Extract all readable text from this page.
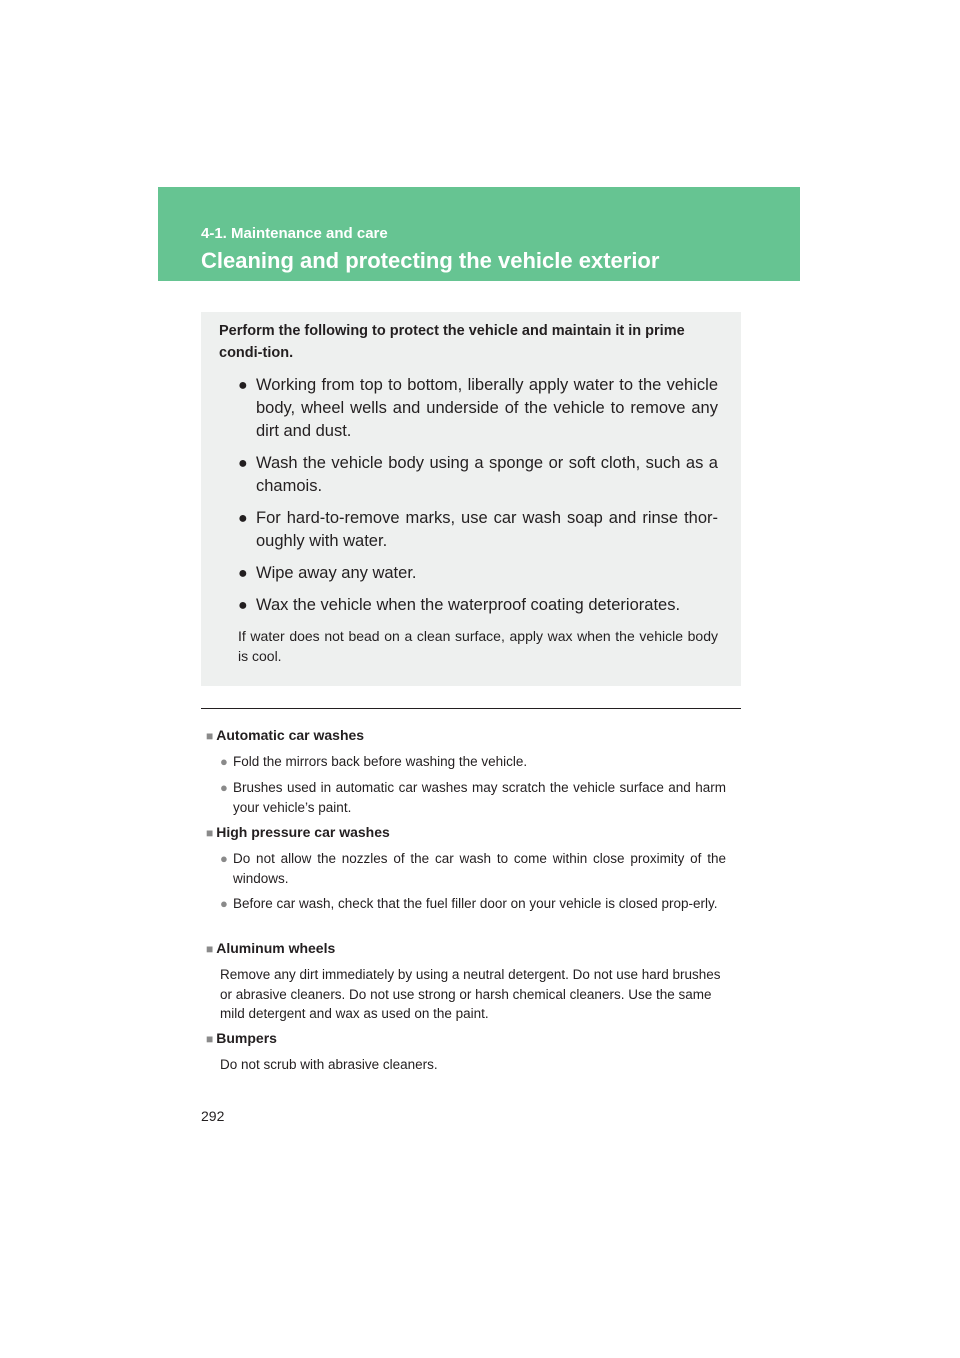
4-1. Maintenance and care
Cleaning and protecting the vehicle exterior
Perform the following to protect the vehicle and maintain it in prime condi-tion.
● Working from top to bottom, liberally apply water to the vehicle body, wheel wells and underside of the vehicle to remove any dirt and dust.
● Wash the vehicle body using a sponge or soft cloth, such as a chamois.
● For hard-to-remove marks, use car wash soap and rinse thor-oughly with water.
● Wipe away any water.
● Wax the vehicle when the waterproof coating deteriorates.
If water does not bead on a clean surface, apply wax when the vehicle body is cool.
■ Automatic car washes
● Fold the mirrors back before washing the vehicle.
● Brushes used in automatic car washes may scratch the vehicle surface and harm your vehicle’s paint.
■ High pressure car washes
● Do not allow the nozzles of the car wash to come within close proximity of the windows.
● Before car wash, check that the fuel filler door on your vehicle is closed prop-erly.
■ Aluminum wheels
Remove any dirt immediately by using a neutral detergent. Do not use hard brushes or abrasive cleaners. Do not use strong or harsh chemical cleaners. Use the same mild detergent and wax as used on the paint.
■ Bumpers
Do not scrub with abrasive cleaners.
292
